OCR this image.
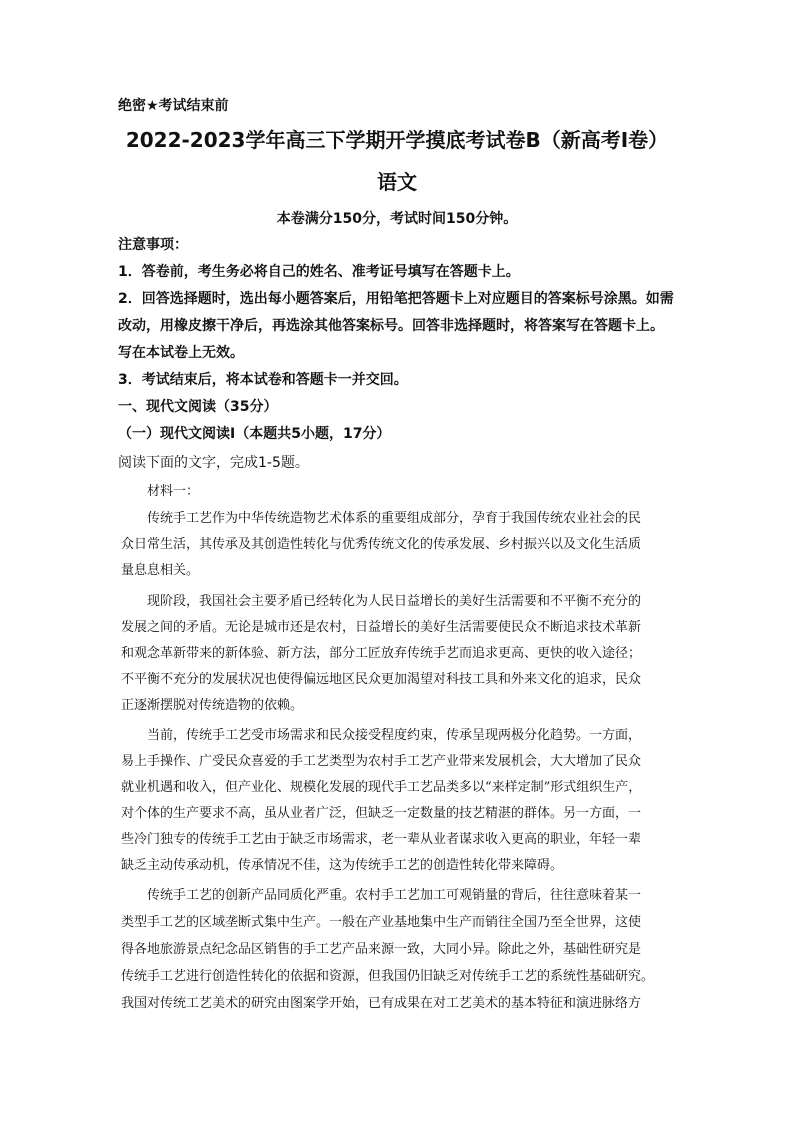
绝密★考试结束前
2022-2023学年高三下学期开学摸底考试卷B（新高考I卷）
语文
本卷满分150分，考试时间150分钟。
注意事项：
1．答卷前，考生务必将自己的姓名、准考证号填写在答题卡上。
2．回答选择题时，选出每小题答案后，用铅笔把答题卡上对应题目的答案标号涂黑。如需
改动，用橡皮擦干净后，再选涂其他答案标号。回答非选择题时，将答案写在答题卡上。
写在本试卷上无效。
3．考试结束后，将本试卷和答题卡一并交回。
一、现代文阅读（35分）
（一）现代文阅读Ⅰ（本题共5小题，17分）
阅读下面的文字，完成1-5题。
材料一：
传统手工艺作为中华传统造物艺术体系的重要组成部分，孕育于我国传统农业社会的民
众日常生活，其传承及其创造性转化与优秀传统文化的传承发展、乡村振兴以及文化生活质
量息息相关。
现阶段，我国社会主要矛盾已经转化为人民日益增长的美好生活需要和不平衡不充分的
发展之间的矛盾。无论是城市还是农村，日益增长的美好生活需要使民众不断追求技术革新
和观念革新带来的新体验、新方法，部分工匠放弃传统手艺而追求更高、更快的收入途径；
不平衡不充分的发展状况也使得偏远地区民众更加渴望对科技工具和外来文化的追求，民众
正逐渐摆脱对传统造物的依赖。
当前，传统手工艺受市场需求和民众接受程度约束，传承呈现两极分化趋势。一方面，
易上手操作、广受民众喜爱的手工艺类型为农村手工艺产业带来发展机会，大大增加了民众
就业机遇和收入，但产业化、规模化发展的现代手工艺品类多以“来样定制”形式组织生产，
对个体的生产要求不高，虽从业者广泛，但缺乏一定数量的技艺精湛的群体。另一方面，一
些冷门独专的传统手工艺由于缺乏市场需求，老一辈从业者谋求收入更高的职业，年轻一辈
缺乏主动传承动机，传承情况不佳，这为传统手工艺的创造性转化带来障碍。
传统手工艺的创新产品同质化严重。农村手工艺加工可观销量的背后，往往意味着某一
类型手工艺的区域垄断式集中生产。一般在产业基地集中生产而销往全国乃至全世界，这使
得各地旅游景点纪念品区销售的手工艺产品来源一致，大同小异。除此之外，基础性研究是
传统手工艺进行创造性转化的依据和资源，但我国仍旧缺乏对传统手工艺的系统性基础研究。
我国对传统工艺美术的研究由图案学开始，已有成果在对工艺美术的基本特征和演进脉络方
